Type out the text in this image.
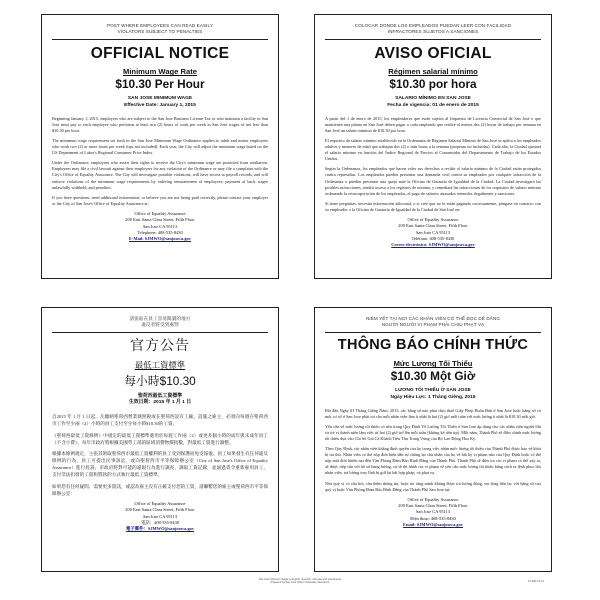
POST WHERE EMPLOYEES CAN READ EASILY
VIOLATORS SUBJECT TO PENALTIES
OFFICIAL NOTICE
Minimum Wage Rate
$10.30 Per Hour
SAN JOSE MINIMUM WAGE
Effective Date: January 1, 2015

Beginning January 1, 2015, employers who are subject to the San Jose Business License Tax or who maintain a facility in San Jose must pay to each employee who performs at least two (2) hours of work per week in San Jose wages of not less than $10.30 per hour.

The minimum wage requirement set forth in the San Jose Minimum Wage Ordinance applies to adult and minor employees who work two (2) or more hours per week (tips not included). Each year, the City will adjust the minimum wage based on the US Department of Labor's Regional Consumer Price Index.

Under the Ordinance, employees who assert their rights to receive the City's minimum wage are protected from retaliation. Employees may file a civil lawsuit against their employers for any violation of the Ordinance or may file a complaint with the City's Office of Equality Assurance. The City will investigate possible violations, will have access to payroll records, and will enforce violations of the minimum wage requirements by ordering reinstatement of employees, payment of back wages unlawfully withheld, and penalties.

If you have questions, need additional information, or believe you are not being paid correctly, please contact your employer or the City of San Jose's Office of Equality Assurance at:

Office of Equality Assurance
200 East Santa Clara Street, Fifth Floor
San Jose CA 95113
Telephone: 408-535-8430
E-Mail: SJMWO@sanjoseca.gov
COLOCAR DONDE LOS EMPLEADOS PUEDAN LEER CON FACILIDAD
INFRACTORES SUJETOS A SANCIONES
AVISO OFICIAL
Régimen salarial mínimo
$10.30 por hora
SALARIO MÍNIMO EN SAN JOSE
Fecha de vigencia: 01 de enero de 2015

A partir del 1 de enero de 2015, los empleadores que están sujetos al Impuesto de Licencia Comercial de San José o que mantienen una planta en San José deben pagar a cada empleado que realice al menos dos (2) horas de trabajo por semana en San José un salario mínimo de $10.30 por hora.

El requisito de salario mínimo establecido en la Ordenanza de Régimen Salarial Mínimo de San José se aplica a los empleados adultos y menores de edad que trabajan dos (2) o más horas a la semana (propinas no incluidas). Cada año, la Ciudad ajustará el salario mínimo en función del Índice Regional de Precios al Consumidor del Departamento de Trabajo de los Estados Unidos.

Según la Ordenanza, los empleados que hacen valer sus derechos a recibir el salario mínimo de la Ciudad están protegidos contra represalias. Los empleados pueden presentar una demanda civil contra su empleador por cualquier infracción de la Ordenanza o pueden presentar una queja ante la Oficina de Garantía de Igualdad de la Ciudad. La Ciudad investigará las posibles infracciones, tendrá acceso a los registros de nómina, y remediará las infracciones de los requisitos de salario mínimo ordenando la reincorporación de los empleados, el pago de salarios atrasados retenidos ilegalmente y sanciones.

Si tiene preguntas, necesita información adicional, o si cree que no le están pagando correctamente, póngase en contacto con su empleador o la Oficina de Garantía de Igualdad de la Ciudad de San José en:

Office of Equality Assurance
200 East Santa Clara Street, Fifth Floor
San Jose CA 95113
Teléfono: 408-535-8430
Correo electrónico: SJMWO@sanjoseca.gov
請張貼在員工容易閱讀的地方
違反者將受到處罰
官方公告
最低工資標準
每小時$10.30
聖荷西最低工資標準
生效日期：2015 年 1 月 1 日

自2015 年 1 月 1 日起，凡繳納聖荷西營業執照稅或在聖荷西設有工廠、設施之雇主，必須向每週在聖荷西市工作至少兩（2）小時的員工支付至少每小時$10.30的工資。

《聖荷西最低工資條例》中規定的最低工資標準適用於每週工作兩（2）或更多個小時的成年與未成年員工（不含小費）。每年市政府將根據美國勞工部的區域消費物價指數，對最低工資進行調整。

根據本條例規定，主張其領取聖荷西市最低工資權利的員工受到保護而免受報復。員工如果發生有任何違反條例的行為，員工可提出民事訴訟，或向聖荷西市平等保障辦公室（City of San Jose's Office of Equality Assurance）進行投訴。市政府將對可能的違規行為進行調查，調取工資記錄，並通過責令重新雇用員工、支付非法扣發的工資和罰款的方式執行最低工資標準。

如果您有任何疑問、需要更多資訊，或認為雇主沒有正確支付您的工資，請聯繫您的雇主或聖荷西市平等保障辦公室：

Office of Equality Assurance
200 East Santa Clara Street, Fifth Floor
San Jose CA 95113
電話：408-535-8430
電子郵件：SJMWO@sanjoseca.gov
NIÊM YẾT TẠI NƠI CÁC NHÂN VIÊN CÓ THỂ ĐỌC DỄ DÀNG
NGƯỜI NGƯỜI VI PHẠM PHẢI CHỊU PHẠT VẠ
THÔNG BÁO CHÍNH THỨC
Mức Lương Tối Thiểu
$10.30 Một Giờ
LƯƠNG TỐI THIỂU Ở SAN JOSE
Ngày Hiệu Lực: 1 Tháng Giêng, 2015

Bắt đầu Ngày 01 Tháng Giêng Năm, 2015, các hãng sở nào phải chịu thuế Giấy Phép Buôn Bán ở San Jose hoặc hãng sở có một cơ sở ở San Jose phải trả cho mỗi nhân viên làm ít nhất là hai (2) giờ mỗi tuần với mức lương ít nhất là $10.30 mỗi giờ.

Yêu cầu về mức lương tối thiểu có nêu trong Quy Định Về Lương Tối Thiểu ở San Jose áp dụng cho các nhân viên người lớn và trẻ vị thành niên làm việc từ hai (2) giờ trở lên mỗi tuần (không kể tiền tip). Mỗi năm, Thành Phố sẽ điều chỉnh mức lương tối thiểu dựa vào Chỉ Số Giá Cả Khách Tiêu Thụ Trong Vùng của Bộ Lao Động Hoa Kỳ.

Theo Quy Định, các nhân viên khẳng định quyền của họ trong việc nhận mức lương tối thiểu của Thành Phố được bảo vệ khỏi bị trả thù. Nhân viên có thể nộp đơn kiện dân sự chống lại chủ nhân của họ về bất kỳ vi phạm nào của Quy Định hoặc có thể nộp một đơn khiếu nại đến Văn Phòng Đảm Bảo Bình Đẳng của Thành Phố. Thành Phố sẽ điều tra các vi phạm có thể xảy ra, sẽ được tiếp cận với hồ sơ bảng lương, và sẽ thi hành các vi phạm về yêu cầu mức lương tối thiểu bằng cách ra lệnh phục hồi nhân viên, trả lương truy lĩnh bị giữ lại bất hợp pháp, và phạt vạ.

Nếu quý vị có câu hỏi, cần thêm thông tin, hoặc tin rằng mình không được trả lương đúng, vui lòng liên lạc với hãng sở của quý vị hoặc Văn Phòng Đảm Bảo Bình Đẳng của Thành Phố San Jose tại:

Office of Equality Assurance
200 East Santa Clara Street, Fifth Floor
San Jose CA 95113
Điện thoại: 408-535-8430
Email: SJMWO@sanjoseca.gov
San Jose Minimum Wage in English, Spanish, Chinese and Vietnamese
Prepared by San Jose Office of Equality Assurance	SJ-MW 12-14
